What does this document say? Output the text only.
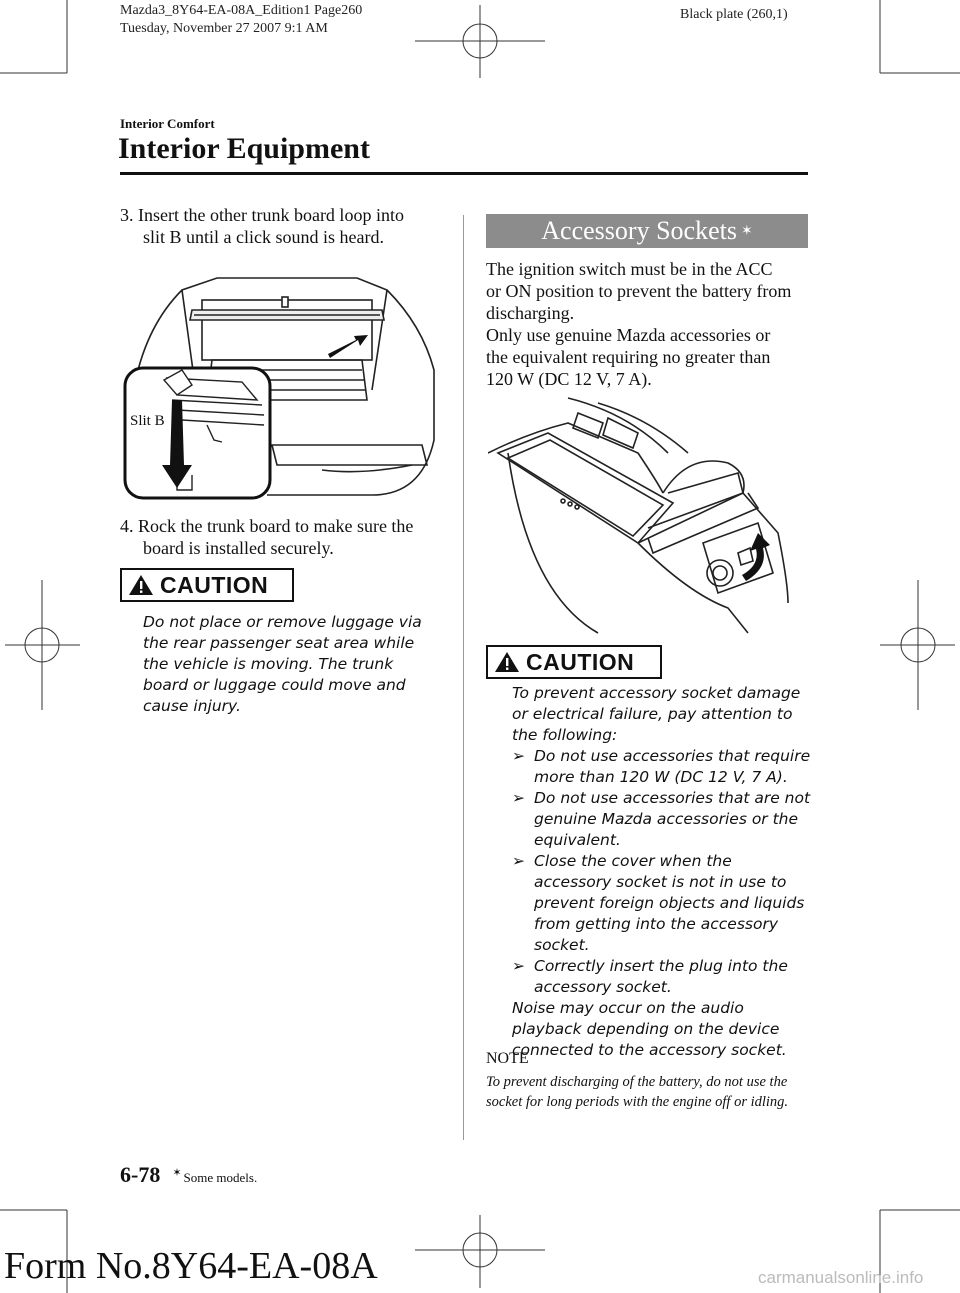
Mazda3_8Y64-EA-08A_Edition1 Page260
Tuesday, November 27 2007 9:1 AM
Black plate (260,1)
Interior Comfort
Interior Equipment
3. Insert the other trunk board loop into
slit B until a click sound is heard.
Slit B
4. Rock the trunk board to make sure the
board is installed securely.
CAUTION
Do not place or remove luggage via the rear passenger seat area while the vehicle is moving. The trunk board or luggage could move and cause injury.
Accessory Sockets ✶
The ignition switch must be in the ACC
or ON position to prevent the battery from
discharging.
Only use genuine Mazda accessories or
the equivalent requiring no greater than
120 W (DC 12 V, 7 A).
CAUTION
To prevent accessory socket damage or electrical failure, pay attention to the following:
➢ Do not use accessories that require more than 120 W (DC 12 V, 7 A).
➢ Do not use accessories that are not genuine Mazda accessories or the equivalent.
➢ Close the cover when the accessory socket is not in use to prevent foreign objects and liquids from getting into the accessory socket.
➢ Correctly insert the plug into the accessory socket.
Noise may occur on the audio playback depending on the device connected to the accessory socket.
NOTE
To prevent discharging of the battery, do not use the socket for long periods with the engine off or idling.
6-78 ✶ Some models.
Form No.8Y64-EA-08A	carmanualsonline.info
